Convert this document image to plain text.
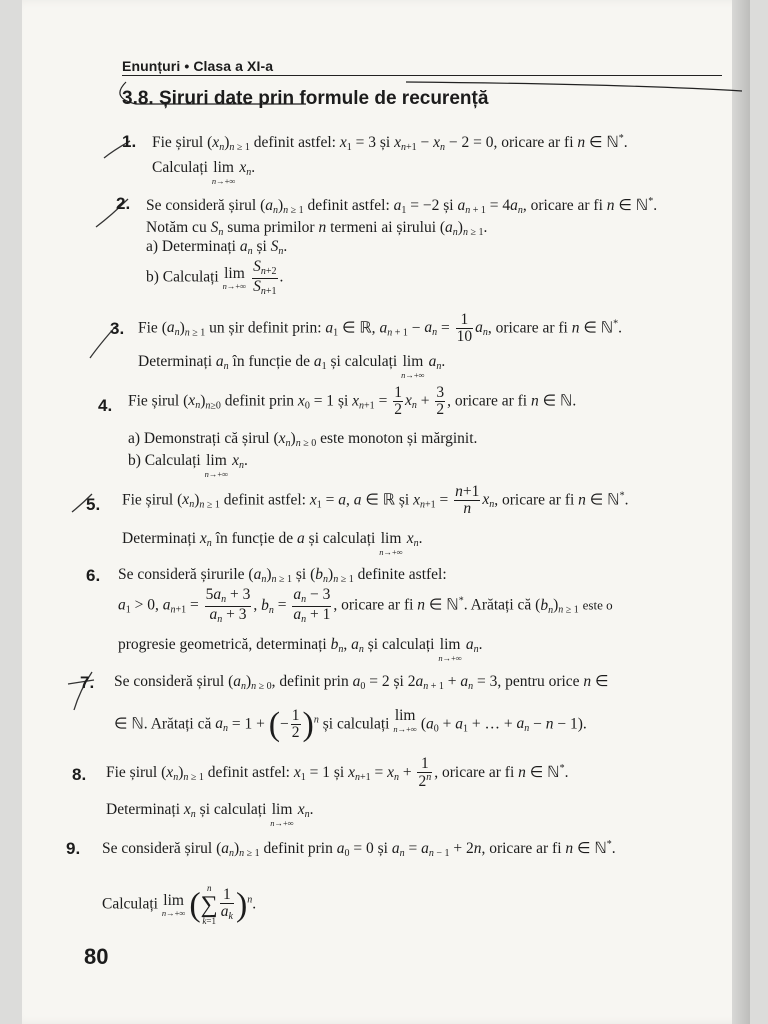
Enunțuri • Clasa a XI-a
3.8. Șiruri date prin formule de recurență
1. Fie șirul $(x_n)_{n \ge 1}$ definit astfel: $x_1 = 3$ și $x_{n+1} - x_n - 2 = 0$, oricare ar fi n ∈ ℕ*.
Calculați lim
n→+∞
$x_n$.
2. Se consideră șirul $(a_n)_{n \ge 1}$ definit astfel: $a_1 = -2$ și $a_{n + 1} = 4a_n$, oricare ar fi n ∈ ℕ*.
Notăm cu $S_n$ suma primilor n termeni ai șirului $(a_n)_{n \ge 1}$.
a) Determinați $a_n$ și $S_n$.
b) Calculați lim
n→+∞
$\frac{S_{n+2}}{S_{n+1}}$ .
3. Fie $(a_n)_{n \ge 1}$ un șir definit prin: $a_1$ ∈ ℝ, $a_{n + 1} - a_n = \frac{1}{10} a_n$, oricare ar fi n ∈ ℕ*.
Determinați $a_n$ în funcție de $a_1$ și calculați lim
n→+∞
$a_n$.
4. Fie șirul $(x_n)_{n\ge 0}$ definit prin $x_0 = 1$ și $x_{n+1} = \frac{1}{2} x_n + \frac{3}{2}$ , oricare ar fi n ∈ ℕ.
a) Demonstrați că șirul $(x_n)_{n \ge 0}$ este monoton și mărginit.
b) Calculați lim
n→+∞
$x_n$.
5. Fie șirul $(x_n)_{n \ge 1}$ definit astfel: $x_1 = a$, a ∈ ℝ și $x_{n+1} = \frac{n+1}{n} x_n$, oricare ar fi n ∈ ℕ*.
Determinați $x_n$ în funcție de a și calculați lim
n→+∞
$x_n$.
6. Se consideră șirurile $(a_n)_{n \ge 1}$ și $(b_n)_{n \ge 1}$ definite astfel:
$a_1 > 0$, $a_{n+1} = \frac{5a_n + 3}{a_n + 3}$ , $b_n = \frac{a_n - 3}{a_n + 1}$ , oricare ar fi n ∈ ℕ*. Arătați că $(b_n)_{n \ge 1}$ este o
progresie geometrică, determinați $b_n$, $a_n$ și calculați lim
n→+∞
$a_n$.
7. Se consideră șirul $(a_n)_{n \ge 0}$, definit prin $a_0 = 2$ și $2a_{n + 1} + a_n = 3$, pentru orice n ∈
∈ ℕ. Arătați că $a_n = 1$ + (− $\frac{1}{2} )^n$ și calculați lim
n→+∞ ($a_0 + a_1$ + … + $a_n - n - 1$).
8. Fie șirul $(x_n)_{n \ge 1}$ definit astfel: $x_1 = 1$ și $x_{n+1} = x_n + \frac{1}{2^n}$ , oricare ar fi n ∈ ℕ*.
Determinați $x_n$ și calculați lim
n→+∞
$x_n$.
9. Se consideră șirul $(a_n)_{n \ge 1}$ definit prin $a_0 = 0$ și $a_n = a_{n - 1} + 2n$, oricare ar fi n ∈ ℕ*.
Calculați lim
n→+∞ ( n
∑
$k=1 \frac{1}{a_k} )^n$.
80
